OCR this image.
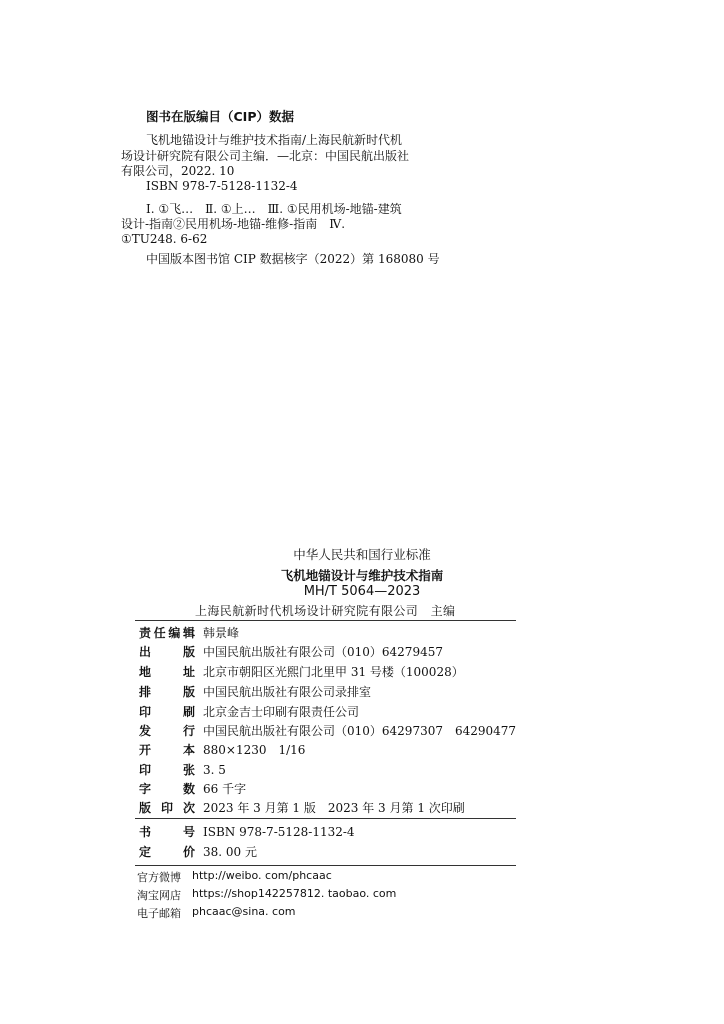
图书在版编目（CIP）数据
飞机地锚设计与维护技术指南/上海民航新时代机
场设计研究院有限公司主编．—北京：中国民航出版社
有限公司，2022. 10
ISBN 978-7-5128-1132-4
Ⅰ. ①飞…　Ⅱ. ①上…　Ⅲ. ①民用机场-地锚-建筑
设计-指南②民用机场-地锚-维修-指南　Ⅳ.
①TU248. 6-62
中国版本图书馆 CIP 数据核字（2022）第 168080 号
中华人民共和国行业标准
飞机地锚设计与维护技术指南
MH/T 5064—2023
上海民航新时代机场设计研究院有限公司　主编
责任编辑 韩景峰
出版 中国民航出版社有限公司（010）64279457
地址 北京市朝阳区光熙门北里甲 31 号楼（100028）
排版 中国民航出版社有限公司录排室
印刷 北京金吉士印刷有限责任公司
发行 中国民航出版社有限公司（010）64297307　64290477
开本 880×1230　1/16
印张 3. 5
字数 66 千字
版印次 2023 年 3 月第 1 版　2023 年 3 月第 1 次印刷
书号 ISBN 978-7-5128-1132-4
定价 38. 00 元
官方微博 http://weibo. com/phcaac
淘宝网店 https://shop142257812. taobao. com
电子邮箱 phcaac@sina. com
